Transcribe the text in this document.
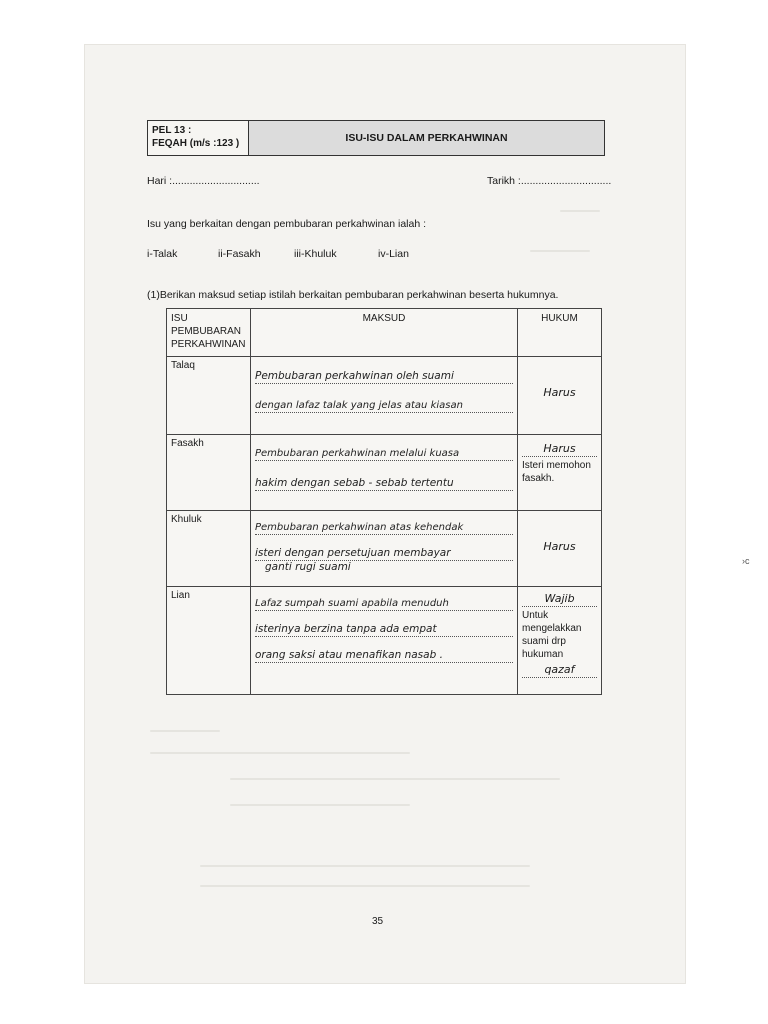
PEL 13 :
FEQAH (m/s :123 )	ISU-ISU DALAM PERKAHWINAN
Hari :..............................	Tarikh :...............................
Isu yang berkaitan dengan pembubaran perkahwinan ialah :
i-Talak	ii-Fasakh	iii-Khuluk	iv-Lian
(1)Berikan maksud setiap istilah berkaitan pembubaran perkahwinan beserta hukumnya.
ISU
PEMBUBARAN
PERKAHWINAN	MAKSUD	HUKUM
Talaq	Pembubaran perkahwinan oleh suami
dengan lafaz talak yang jelas atau kiasan	Harus

Fasakh	Pembubaran perkahwinan melalui kuasa
hakim dengan sebab - sebab tertentu	Harus
Isteri memohon fasakh.

Khuluk	Pembubaran perkahwinan atas kehendak
isteri dengan persetujuan membayar
ganti rugi suami	Harus

Lian	Lafaz sumpah suami apabila menuduh
isterinya berzina tanpa ada empat
orang saksi atau menafikan nasab .	Wajib
Untuk mengelakkan suami drp hukuman
qazaf
›c
35
